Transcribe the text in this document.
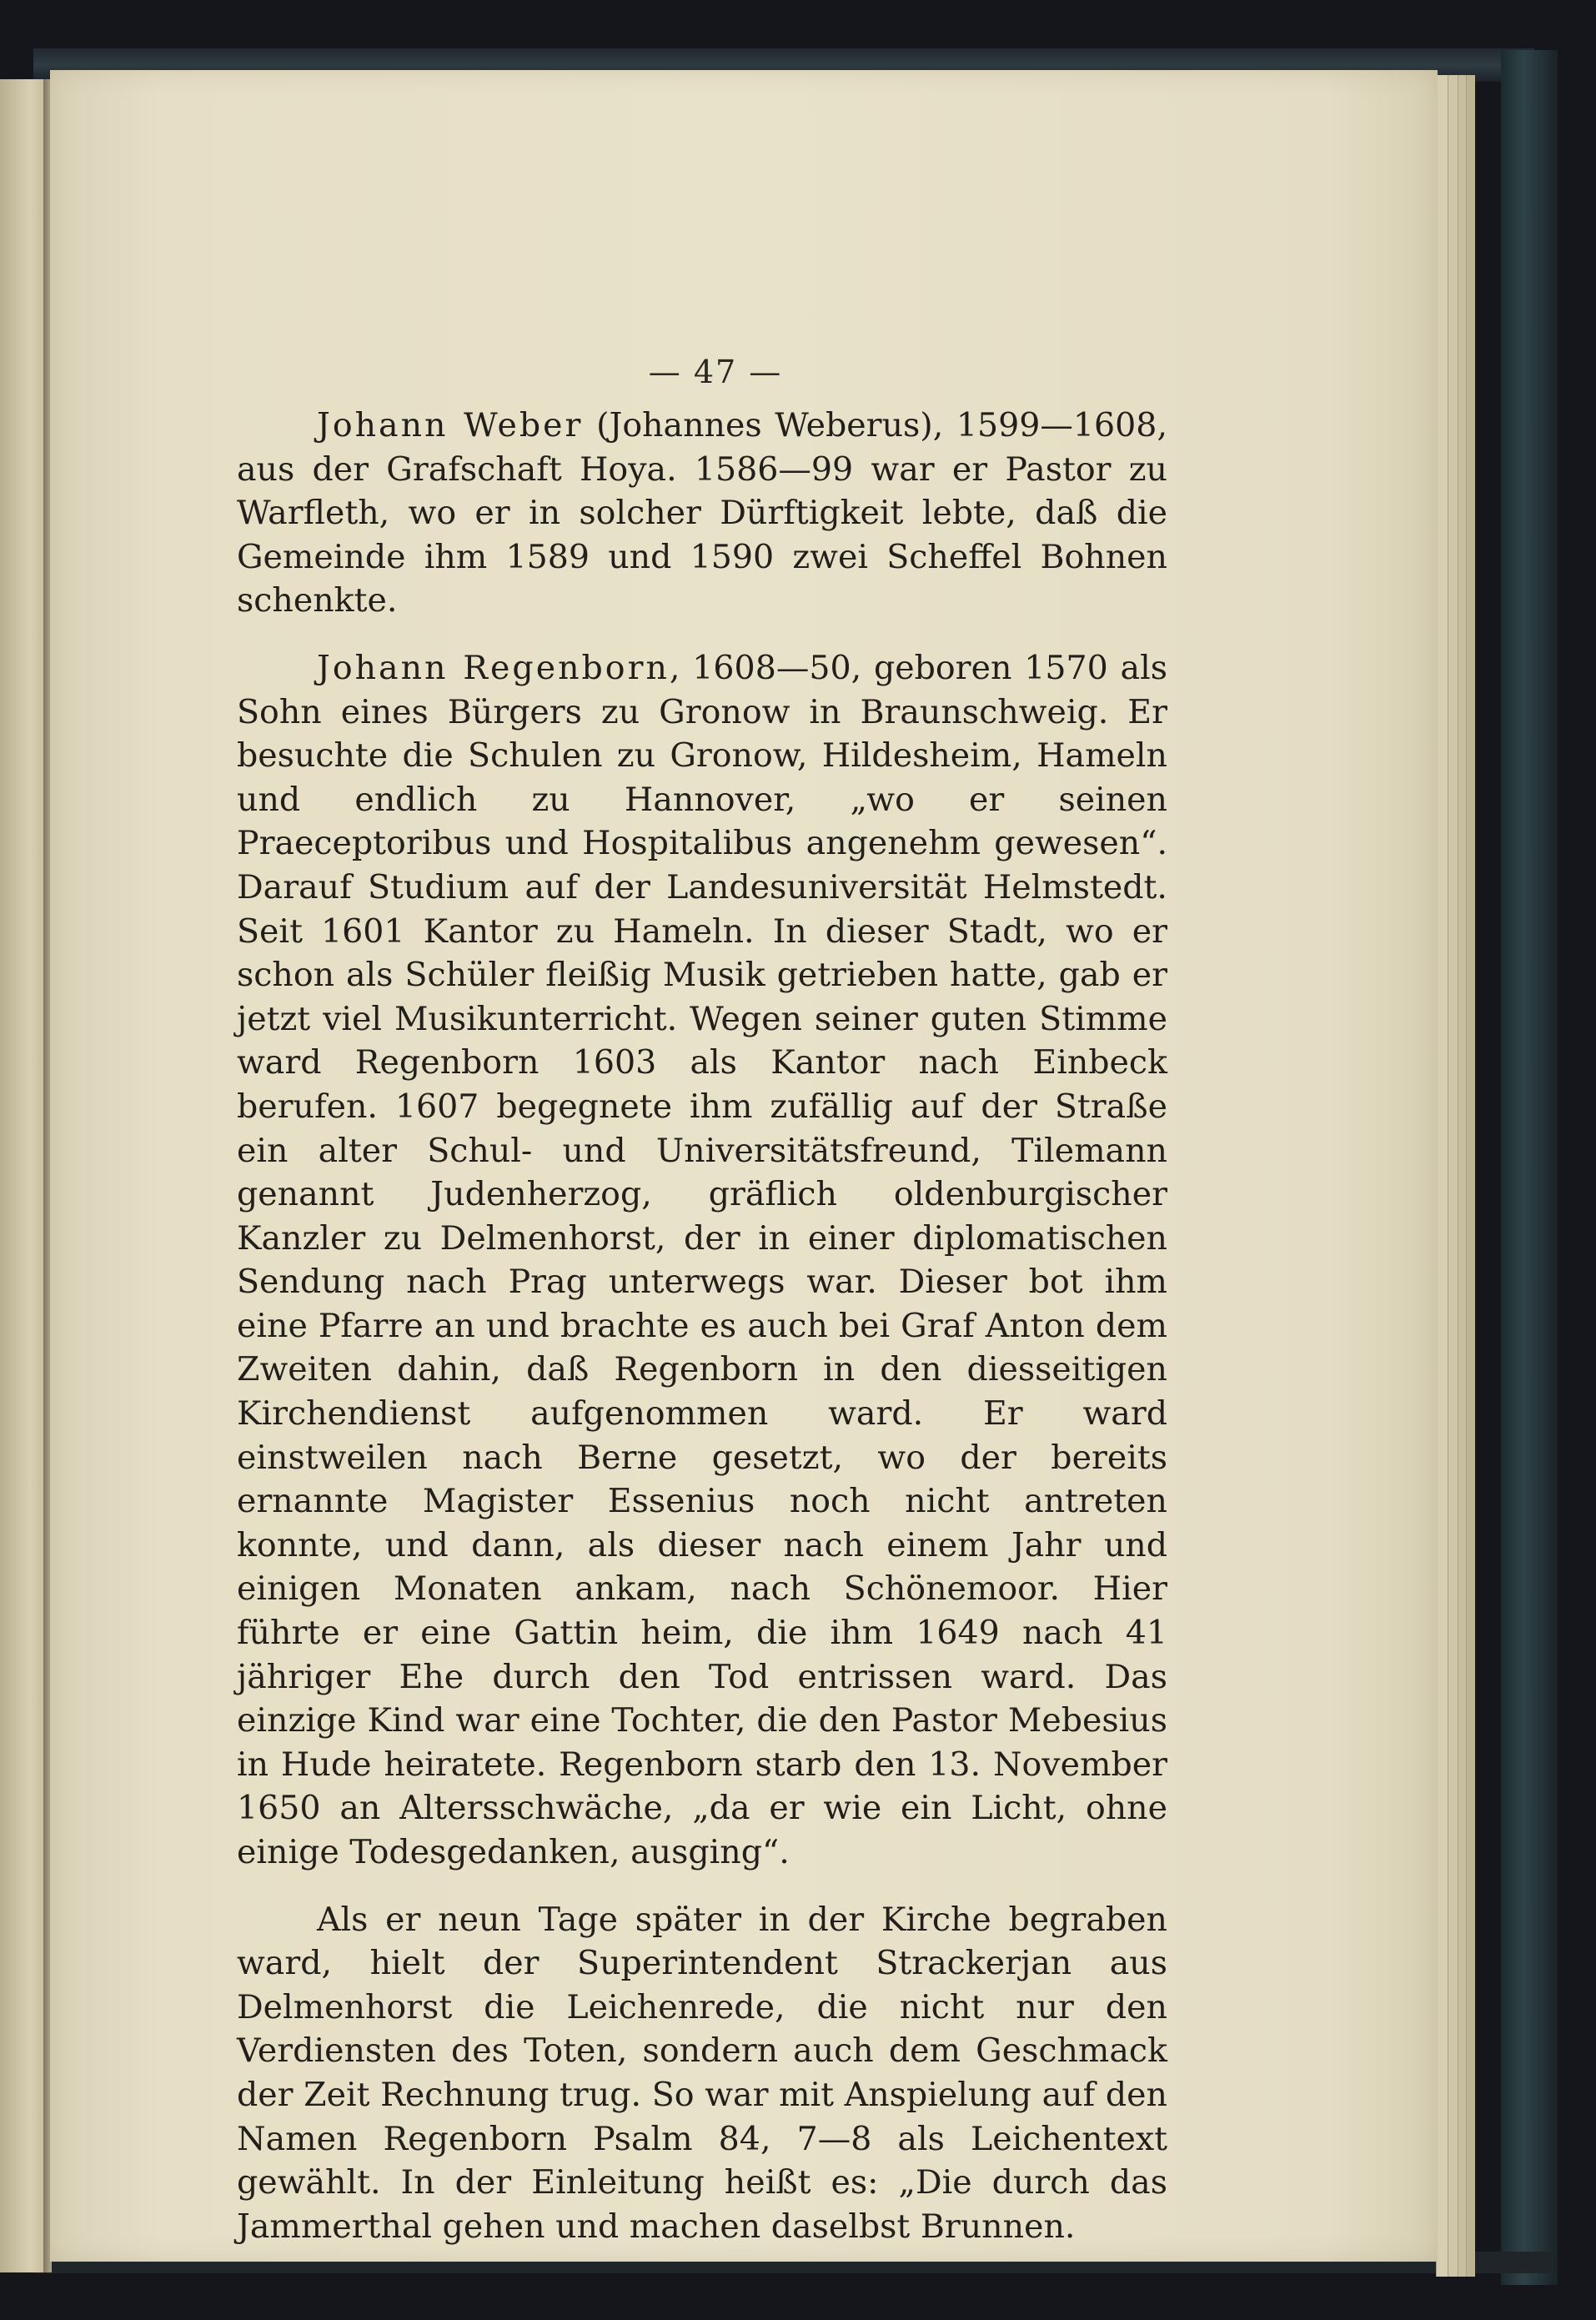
— 47 —

Johann Weber (Johannes Weberus), 1599—1608, aus der Grafschaft Hoya. 1586—99 war er Pastor zu Warfleth, wo er in solcher Dürftigkeit lebte, daß die Gemeinde ihm 1589 und 1590 zwei Scheffel Bohnen schenkte.

Johann Regenborn, 1608—50, geboren 1570 als Sohn eines Bürgers zu Gronow in Braunschweig. Er besuchte die Schulen zu Gronow, Hildesheim, Hameln und endlich zu Hannover, „wo er seinen Praeceptoribus und Hospitalibus angenehm gewesen“. Darauf Studium auf der Landesuniversität Helmstedt. Seit 1601 Kantor zu Hameln. In dieser Stadt, wo er schon als Schüler fleißig Musik getrieben hatte, gab er jetzt viel Musikunterricht. Wegen seiner guten Stimme ward Regenborn 1603 als Kantor nach Einbeck berufen. 1607 begegnete ihm zufällig auf der Straße ein alter Schul- und Universitätsfreund, Tilemann genannt Judenherzog, gräflich oldenburgischer Kanzler zu Delmenhorst, der in einer diplomatischen Sendung nach Prag unterwegs war. Dieser bot ihm eine Pfarre an und brachte es auch bei Graf Anton dem Zweiten dahin, daß Regenborn in den diesseitigen Kirchendienst aufgenommen ward. Er ward einstweilen nach Berne gesetzt, wo der bereits ernannte Magister Essenius noch nicht antreten konnte, und dann, als dieser nach einem Jahr und einigen Monaten ankam, nach Schönemoor. Hier führte er eine Gattin heim, die ihm 1649 nach 41 jähriger Ehe durch den Tod entrissen ward. Das einzige Kind war eine Tochter, die den Pastor Mebesius in Hude heiratete. Regenborn starb den 13. November 1650 an Altersschwäche, „da er wie ein Licht, ohne einige Todesgedanken, ausging“.

Als er neun Tage später in der Kirche begraben ward, hielt der Superintendent Strackerjan aus Delmenhorst die Leichenrede, die nicht nur den Verdiensten des Toten, sondern auch dem Geschmack der Zeit Rechnung trug. So war mit Anspielung auf den Namen Regenborn Psalm 84, 7—8 als Leichentext gewählt. In der Einleitung heißt es: „Die durch das Jammerthal gehen und machen daselbst Brunnen.
